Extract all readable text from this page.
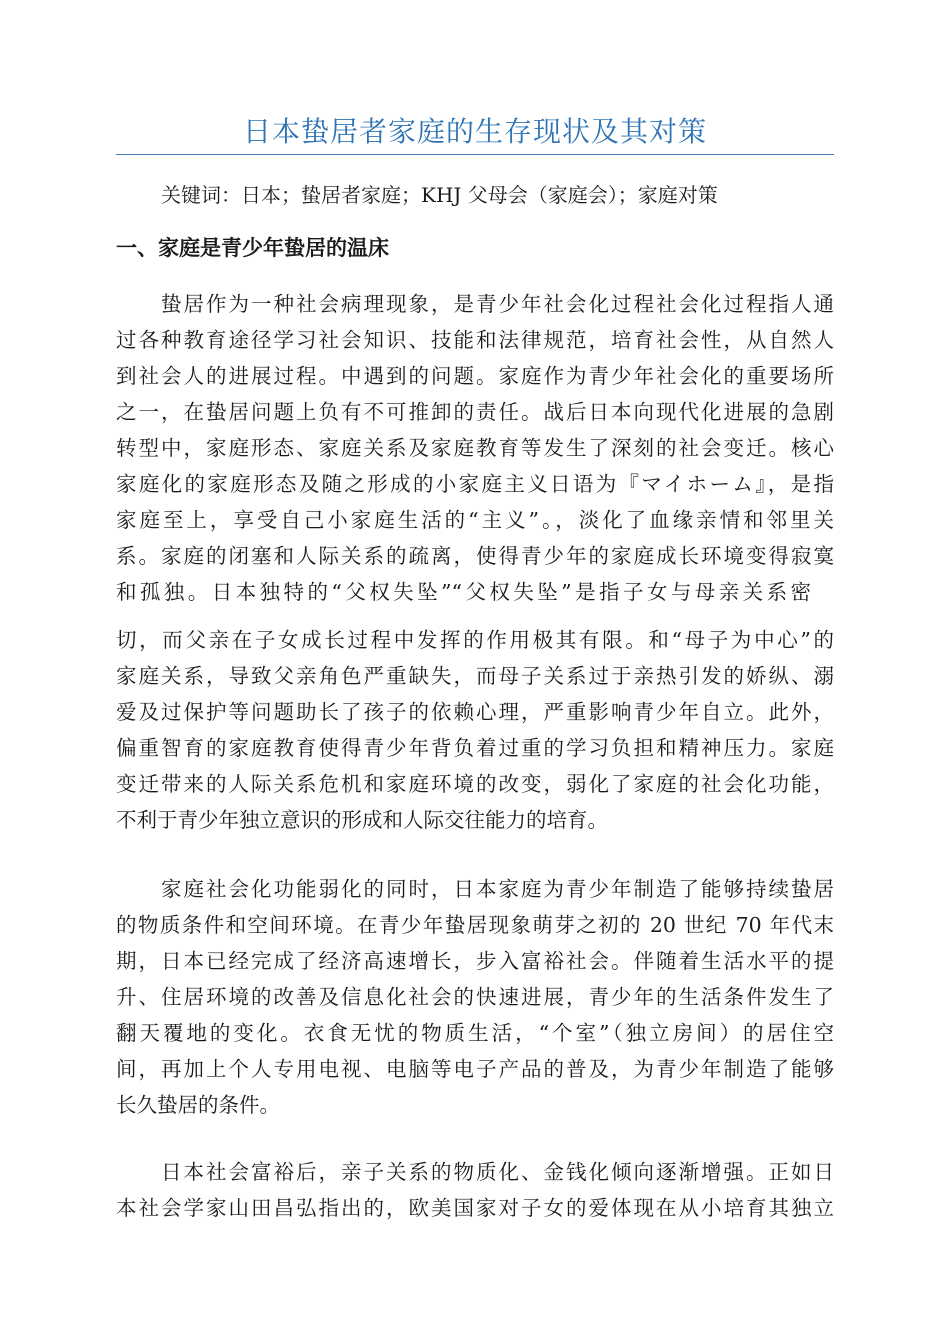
日本蛰居者家庭的生存现状及其对策

关键词：日本；蛰居者家庭；KHJ 父母会（家庭会）；家庭对策

一、家庭是青少年蛰居的温床

蛰居作为一种社会病理现象，是青少年社会化过程社会化过程指人通

过各种教育途径学习社会知识、技能和法律规范，培育社会性，从自然人

到社会人的进展过程。中遇到的问题。家庭作为青少年社会化的重要场所

之一，在蛰居问题上负有不可推卸的责任。战后日本向现代化进展的急剧

转型中，家庭形态、家庭关系及家庭教育等发生了深刻的社会变迁。核心

家庭化的家庭形态及随之形成的小家庭主义日语为『マイホーム』，是指

家庭至上，享受自己小家庭生活的“主义”。，淡化了血缘亲情和邻里关

系。家庭的闭塞和人际关系的疏离，使得青少年的家庭成长环境变得寂寞

和孤独。日本独特的“父权失坠”“父权失坠”是指子女与母亲关系密

切，而父亲在子女成长过程中发挥的作用极其有限。和“母子为中心”的

家庭关系，导致父亲角色严重缺失，而母子关系过于亲热引发的娇纵、溺

爱及过保护等问题助长了孩子的依赖心理，严重影响青少年自立。此外，

偏重智育的家庭教育使得青少年背负着过重的学习负担和精神压力。家庭

变迁带来的人际关系危机和家庭环境的改变，弱化了家庭的社会化功能，

不利于青少年独立意识的形成和人际交往能力的培育。

家庭社会化功能弱化的同时，日本家庭为青少年制造了能够持续蛰居

的物质条件和空间环境。在青少年蛰居现象萌芽之初的 20 世纪 70 年代末

期，日本已经完成了经济高速增长，步入富裕社会。伴随着生活水平的提

升、住居环境的改善及信息化社会的快速进展，青少年的生活条件发生了

翻天覆地的变化。衣食无忧的物质生活，“个室”（独立房间）的居住空

间，再加上个人专用电视、电脑等电子产品的普及，为青少年制造了能够

长久蛰居的条件。

日本社会富裕后，亲子关系的物质化、金钱化倾向逐渐增强。正如日

本社会学家山田昌弘指出的，欧美国家对子女的爱体现在从小培育其独立
